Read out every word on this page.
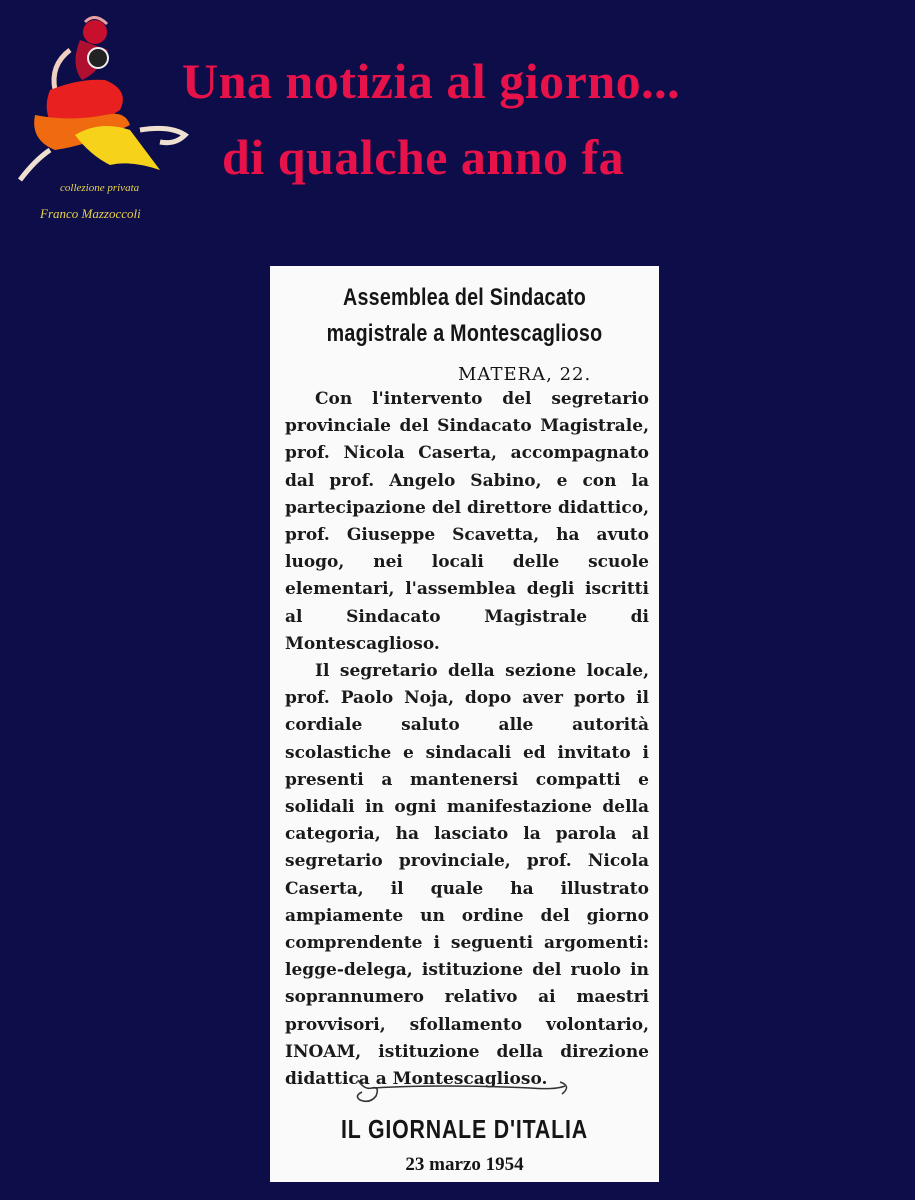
collezione privata
Franco Mazzoccoli
Una notizia al giorno...
di qualche anno fa
Assemblea del Sindacato
magistrale a Montescaglioso
MATERA, 22.

Con l'intervento del segretario provinciale del Sindacato Magistrale, prof. Nicola Caserta, accompagnato dal prof. Angelo Sabino, e con la partecipazione del direttore didattico, prof. Giuseppe Scavetta, ha avuto luogo, nei locali delle scuole elementari, l'assemblea degli iscritti al Sindacato Magistrale di Montescaglioso.

Il segretario della sezione locale, prof. Paolo Noja, dopo aver porto il cordiale saluto alle autorità scolastiche e sindacali ed invitato i presenti a mantenersi compatti e solidali in ogni manifestazione della categoria, ha lasciato la parola al segretario provinciale, prof. Nicola Caserta, il quale ha illustrato ampiamente un ordine del giorno comprendente i seguenti argomenti: legge-delega, istituzione del ruolo in soprannumero relativo ai maestri provvisori, sfollamento volontario, INOAM, istituzione della direzione didattica a Montescaglioso.

IL GIORNALE D'ITALIA
23 marzo 1954
